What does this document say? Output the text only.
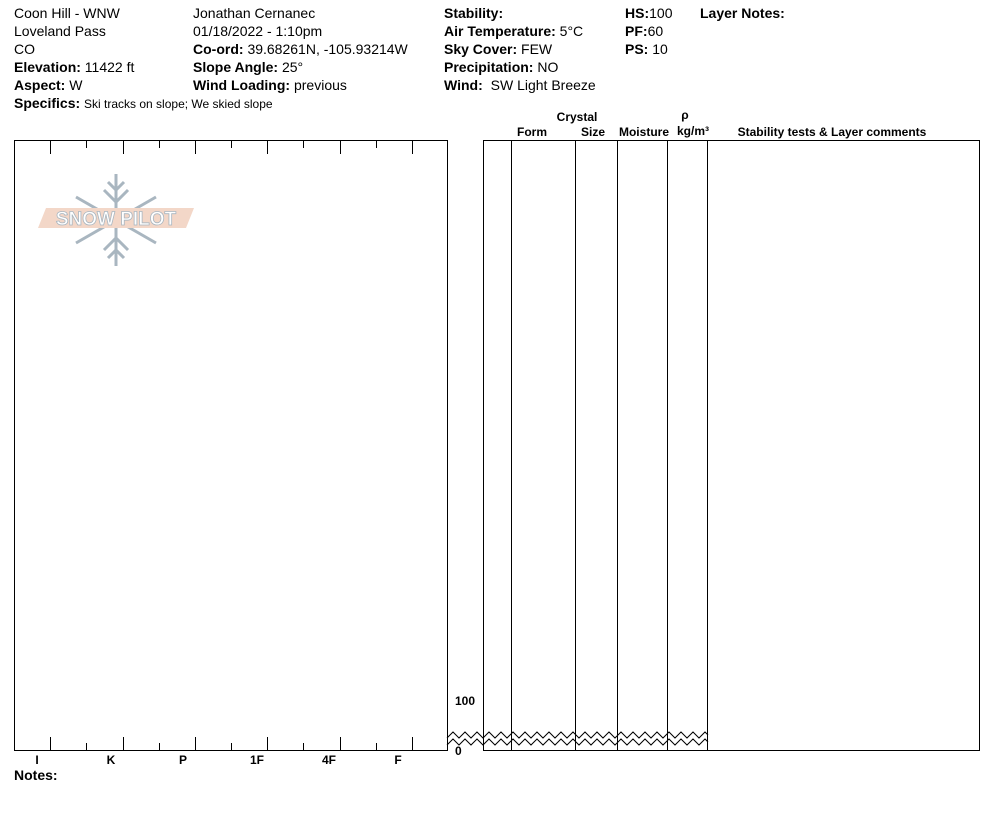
Coon Hill - WNW
Loveland Pass
CO
Elevation: 11422 ft
Aspect: W
Specifics: Ski tracks on slope; We skied slope
Jonathan Cernanec
01/18/2022 - 1:10pm
Co-ord: 39.68261N, -105.93214W
Slope Angle: 25°
Wind Loading: previous
Stability:
Air Temperature: 5°C
Sky Cover: FEW
Precipitation: NO
Wind: SW Light Breeze
HS:100
PF:60
PS: 10
Layer Notes:
Crystal
Form	Size	Moisture
ρ
kg/m³	Stability tests & Layer comments
I	K	P	1F	4F	F
100
0
SNOW PILOT
Notes:
